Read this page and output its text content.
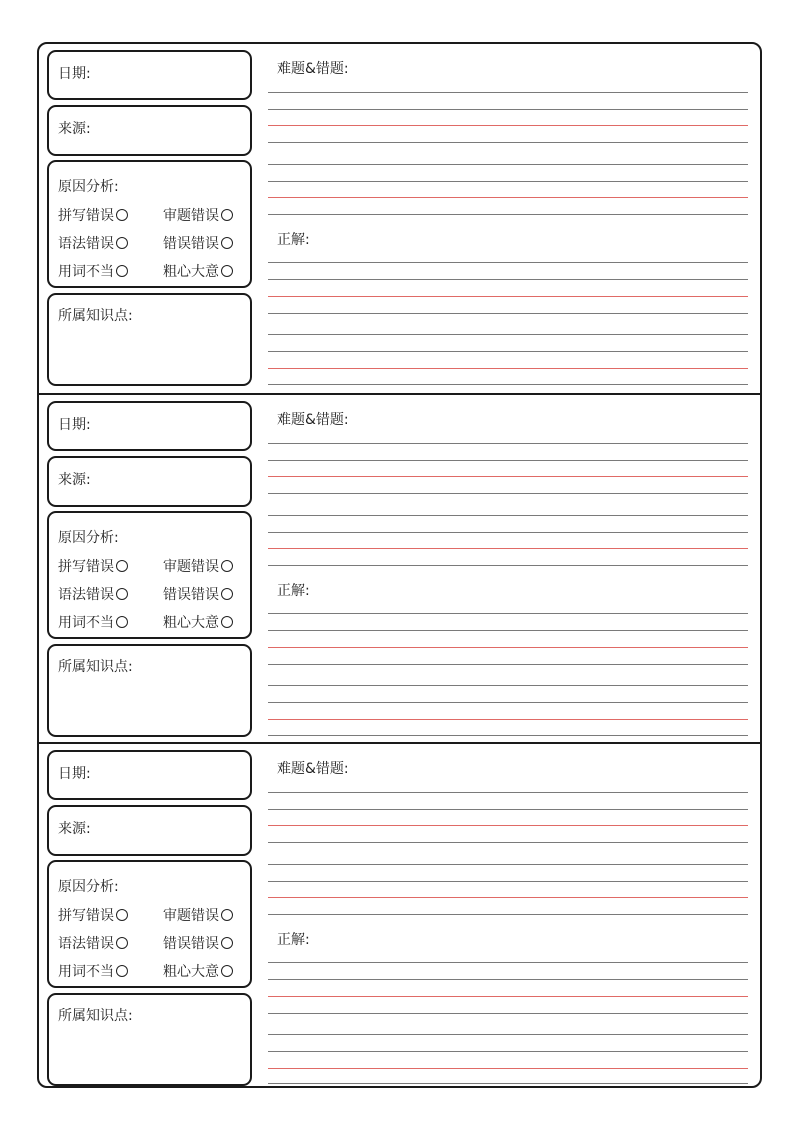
日期:
来源:
原因分析:
拼写错误	审题错误
语法错误	错误错误
用词不当	粗心大意
所属知识点:
难题&错题:
正解:
日期:
来源:
原因分析:
拼写错误	审题错误
语法错误	错误错误
用词不当	粗心大意
所属知识点:
难题&错题:
正解:
日期:
来源:
原因分析:
拼写错误	审题错误
语法错误	错误错误
用词不当	粗心大意
所属知识点:
难题&错题:
正解:
